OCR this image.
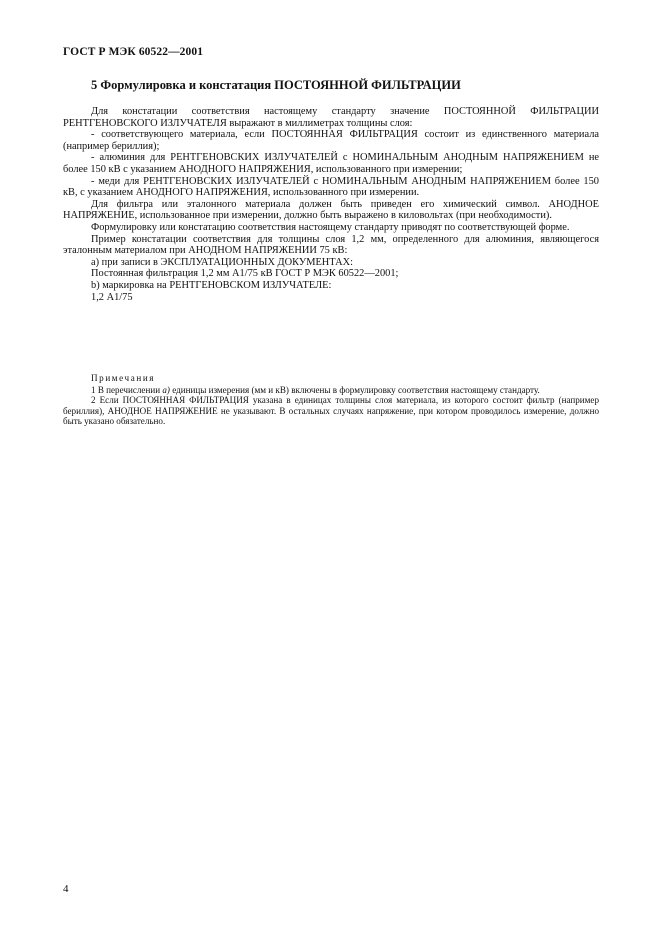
ГОСТ Р МЭК 60522—2001
5 Формулировка и констатация ПОСТОЯННОЙ ФИЛЬТРАЦИИ

Для констатации соответствия настоящему стандарту значение ПОСТОЯННОЙ ФИЛЬТРАЦИИ РЕНТГЕНОВСКОГО ИЗЛУЧАТЕЛЯ выражают в миллиметрах толщины слоя:

- соответствующего материала, если ПОСТОЯННАЯ ФИЛЬТРАЦИЯ состоит из единственного материала (например бериллия);

- алюминия для РЕНТГЕНОВСКИХ ИЗЛУЧАТЕЛЕЙ с НОМИНАЛЬНЫМ АНОДНЫМ НАПРЯЖЕНИЕМ не более 150 кВ с указанием АНОДНОГО НАПРЯЖЕНИЯ, использованного при измерении;

- меди для РЕНТГЕНОВСКИХ ИЗЛУЧАТЕЛЕЙ с НОМИНАЛЬНЫМ АНОДНЫМ НАПРЯЖЕНИЕМ более 150 кВ, с указанием АНОДНОГО НАПРЯЖЕНИЯ, использованного при измерении.

Для фильтра или эталонного материала должен быть приведен его химический символ. АНОДНОЕ НАПРЯЖЕНИЕ, использованное при измерении, должно быть выражено в киловольтах (при необходимости).

Формулировку или констатацию соответствия настоящему стандарту приводят по соответствующей форме.

Пример констатации соответствия для толщины слоя 1,2 мм, определенного для алюминия, являющегося эталонным материалом при АНОДНОМ НАПРЯЖЕНИИ 75 кВ:

a) при записи в ЭКСПЛУАТАЦИОННЫХ ДОКУМЕНТАХ:

Постоянная фильтрация 1,2 мм А1/75 кВ ГОСТ Р МЭК 60522—2001;

b) маркировка на РЕНТГЕНОВСКОМ ИЗЛУЧАТЕЛЕ:

1,2 А1/75

Примечания

1 В перечислении а) единицы измерения (мм и кВ) включены в формулировку соответствия настоящему стандарту.

2 Если ПОСТОЯННАЯ ФИЛЬТРАЦИЯ указана в единицах толщины слоя материала, из которого состоит фильтр (например бериллия), АНОДНОЕ НАПРЯЖЕНИЕ не указывают. В остальных случаях напряжение, при котором проводилось измерение, должно быть указано обязательно.

4
